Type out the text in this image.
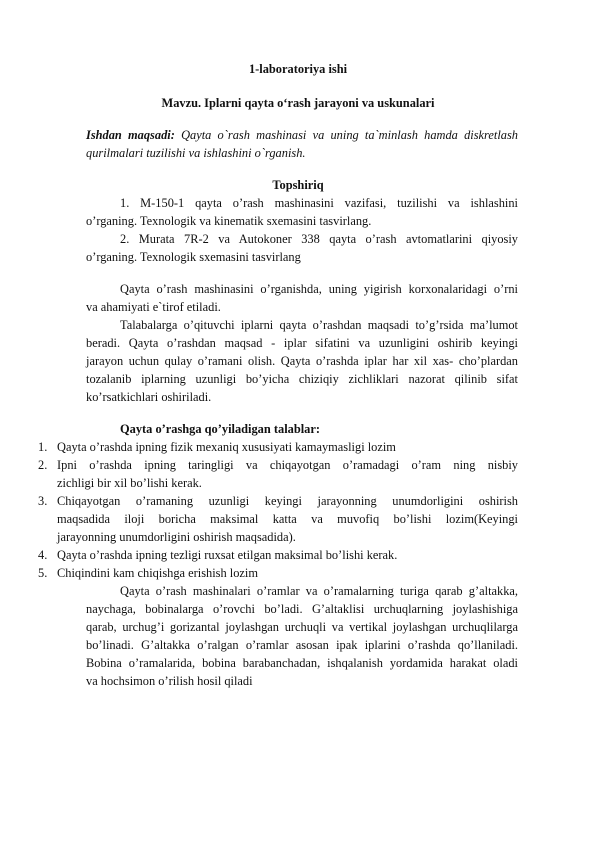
1-laboratoriya ishi
Mavzu. Iplarni qayta o‘rash jarayoni va uskunalari
Ishdan maqsadi: Qayta o`rash mashinasi va uning ta`minlash hamda diskretlash
qurilmalari tuzilishi va ishlashini o`rganish.
Topshiriq
1. M-150-1 qayta o’rash mashinasini vazifasi, tuzilishi va ishlashini
o’rganing. Texnologik va kinematik sxemasini tasvirlang.
2. Murata 7R-2 va Autokoner 338 qayta o’rash avtomatlarini qiyosiy
o’rganing. Texnologik sxemasini tasvirlang
Qayta o’rash mashinasini o’rganishda, uning yigirish korxonalaridagi o’rni
va ahamiyati e`tirof etiladi.
Talabalarga o’qituvchi iplarni qayta o’rashdan maqsadi to’g’rsida ma’lumot
beradi. Qayta o’rashdan maqsad - iplar sifatini va uzunligini oshirib keyingi
jarayon uchun qulay o’ramani olish. Qayta o’rashda iplar har xil xas- cho’plardan
tozalanib iplarning uzunligi bo’yicha chiziqiy zichliklari nazorat qilinib sifat
ko’rsatkichlari oshiriladi.
Qayta o’rashga qo’yiladigan talablar:
1. Qayta o’rashda ipning fizik mexaniq xususiyati kamaymasligi lozim
2. Ipni o’rashda ipning taringligi va chiqayotgan o’ramadagi o’ram ning nisbiy
zichligi bir xil bo’lishi kerak.
3. Chiqayotgan o’ramaning uzunligi keyingi jarayonning unumdorligini oshirish
maqsadida iloji boricha maksimal katta va muvofiq bo’lishi lozim(Keyingi
jarayonning unumdorligini oshirish maqsadida).
4. Qayta o’rashda ipning tezligi ruxsat etilgan maksimal bo’lishi kerak.
5. Chiqindini kam chiqishga erishish lozim
Qayta o’rash mashinalari o’ramlar va o’ramalarning turiga qarab g’altakka,
naychaga, bobinalarga o’rovchi bo’ladi. G’altaklisi urchuqlarning joylashishiga
qarab, urchug’i gorizantal joylashgan urchuqli va vertikal joylashgan urchuqlilarga
bo’linadi. G’altakka o’ralgan o’ramlar asosan ipak iplarini o’rashda qo’llaniladi.
Bobina o’ramalarida, bobina barabanchadan, ishqalanish yordamida harakat oladi
va hochsimon o’rilish hosil qiladi
